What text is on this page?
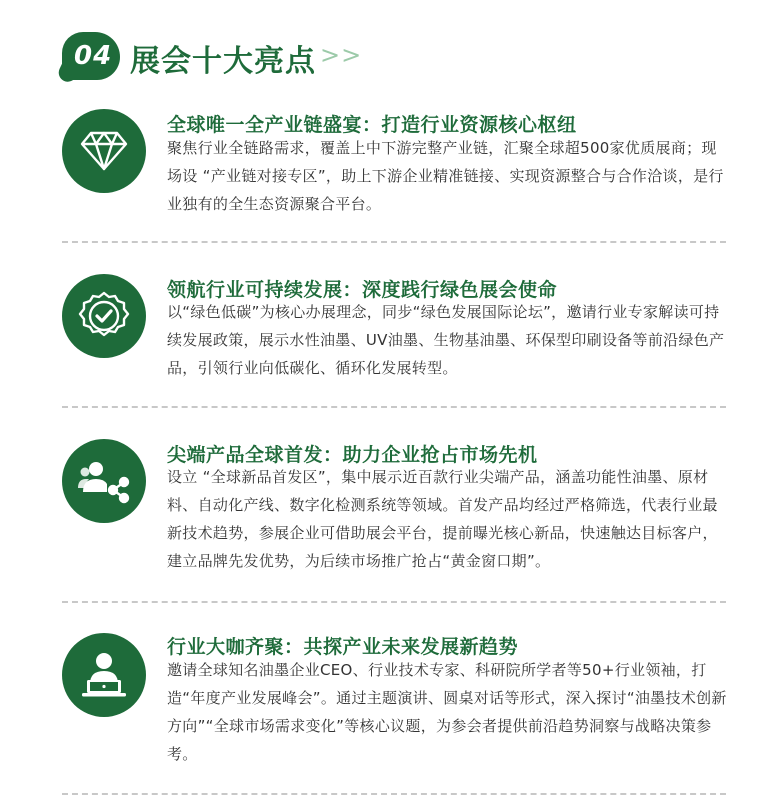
04 展会十大亮点 >>
全球唯一全产业链盛宴：打造行业资源核心枢纽
聚焦行业全链路需求，覆盖上中下游完整产业链，汇聚全球超500家优质展商；现场设 “产业链对接专区”，助上下游企业精准链接、实现资源整合与合作洽谈，是行业独有的全生态资源聚合平台。
领航行业可持续发展：深度践行绿色展会使命
以“绿色低碳”为核心办展理念，同步“绿色发展国际论坛”，邀请行业专家解读可持续发展政策，展示水性油墨、UV油墨、生物基油墨、环保型印刷设备等前沿绿色产品，引领行业向低碳化、循环化发展转型。
尖端产品全球首发：助力企业抢占市场先机
设立 “全球新品首发区”，集中展示近百款行业尖端产品，涵盖功能性油墨、原材料、自动化产线、数字化检测系统等领域。首发产品均经过严格筛选，代表行业最新技术趋势，参展企业可借助展会平台，提前曝光核心新品，快速触达目标客户，建立品牌先发优势，为后续市场推广抢占“黄金窗口期”。
行业大咖齐聚：共探产业未来发展新趋势
邀请全球知名油墨企业CEO、行业技术专家、科研院所学者等50+行业领袖，打造“年度产业发展峰会”。通过主题演讲、圆桌对话等形式，深入探讨“油墨技术创新方向”“全球市场需求变化”等核心议题，为参会者提供前沿趋势洞察与战略决策参考。
